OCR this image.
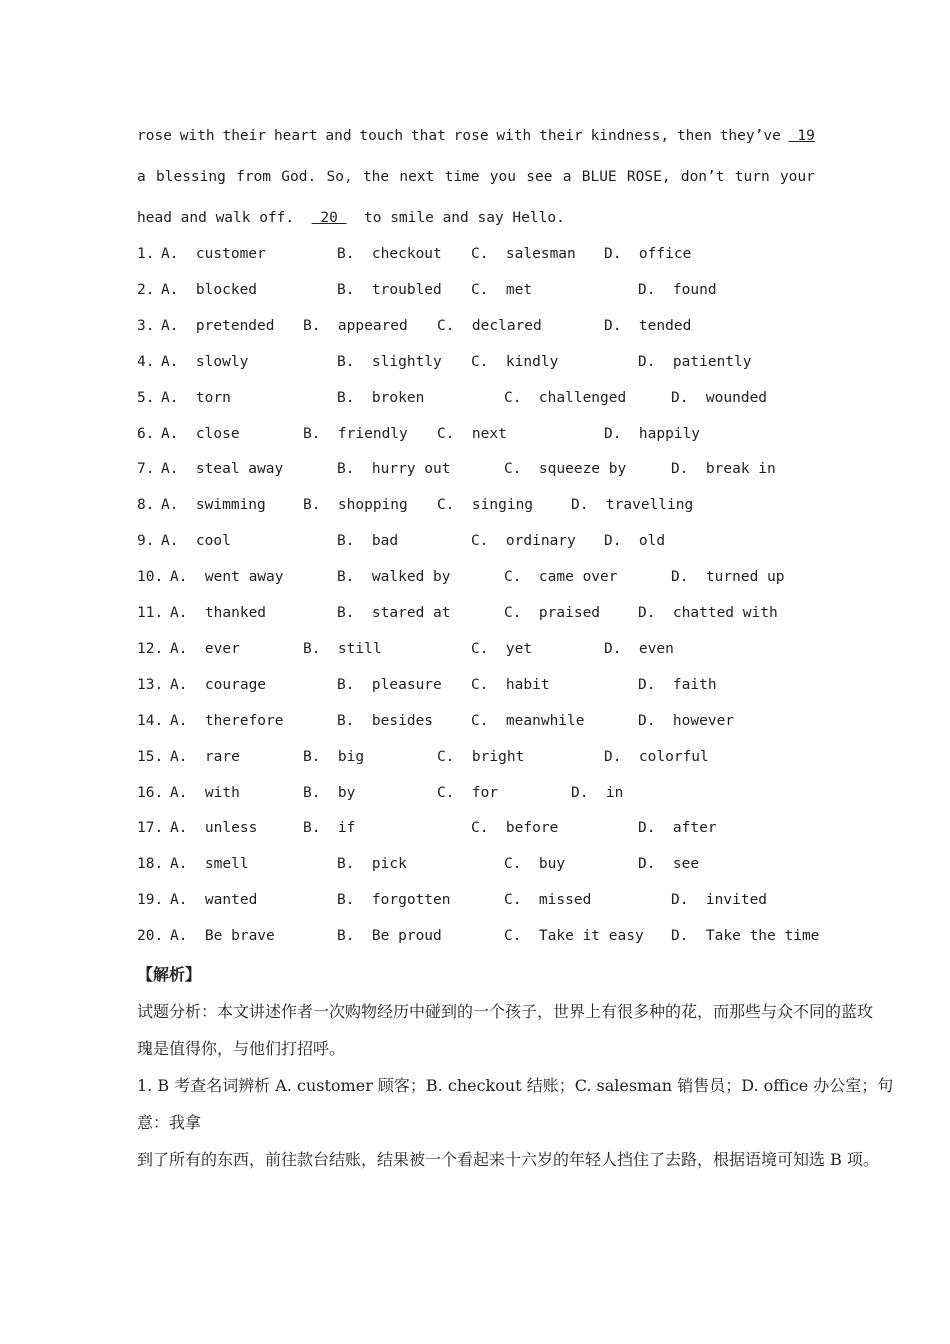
rose with their heart and touch that rose with their kindness, then they’ve 19
a blessing from God. So, the next time you see a BLUE ROSE, don’t turn your
head and walk off.   20   to smile and say Hello.
1. A.  customer	B.  checkout C.  salesman D.  office
2. A.  blocked	B.  troubled C.  met	D.  found
3. A.  pretended B.  appeared C.  declared	D.  tended
4. A.  slowly	B.  slightly C.  kindly	D.  patiently
5. A.  torn	B.  broken	C.  challenged	D.  wounded
6. A.  close	B.  friendly C.  next	D.  happily
7. A.  steal away	B.  hurry out	C.  squeeze by	D.  break in
8. A.  swimming	B.  shopping C.  singing	D.  travelling
9. A.  cool	B.  bad	C.  ordinary D.  old
10. A.  went away	B.  walked by	C.  came over	D.  turned up
11. A.  thanked	B.  stared at	C.  praised	D.  chatted with
12. A.  ever	B.  still	C.  yet	D.  even
13. A.  courage	B.  pleasure C.  habit	D.  faith
14. A.  therefore	B.  besides	C.  meanwhile	D.  however
15. A.  rare	B.  big	C.  bright	D.  colorful
16. A.  with	B.  by	C.  for	D.  in
17. A.  unless	B.  if	C.  before	D.  after
18. A.  smell	B.  pick	C.  buy	D.  see
19. A.  wanted	B.  forgotten	C.  missed	D.  invited
20. A.  Be brave	B.  Be proud	C.  Take it easy D.  Take the time
【解析】
试题分析：本文讲述作者一次购物经历中碰到的一个孩子，世界上有很多种的花，而那些与众不同的蓝玫
瑰是值得你，与他们打招呼。
1. B 考查名词辨析 A. customer 顾客；B. checkout 结账；C. salesman 销售员；D. office 办公室；句意：我拿
到了所有的东西，前往款台结账，结果被一个看起来十六岁的年轻人挡住了去路，根据语境可知选 B 项。
